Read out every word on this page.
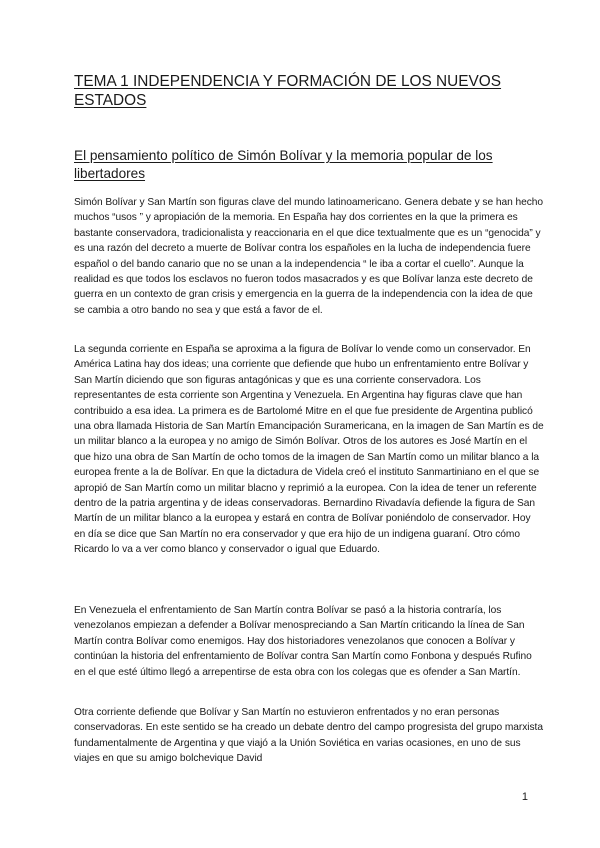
TEMA 1 INDEPENDENCIA Y FORMACIÓN DE LOS NUEVOS ESTADOS
El pensamiento político de Simón Bolívar y la memoria popular de los libertadores

Simón Bolívar y San Martín son figuras clave del mundo latinoamericano. Genera debate y se han hecho muchos “usos ” y apropiación de la memoria. En España hay dos corrientes en la que la primera es bastante conservadora, tradicionalista y reaccionaria en el que dice textualmente que es un “genocida” y es una razón del decreto a muerte de Bolívar contra los españoles en la lucha de independencia fuere español o del bando canario que no se unan a la independencia “ le iba a cortar el cuello”. Aunque la realidad es que todos los esclavos no fueron todos masacrados y es que Bolívar lanza este decreto de guerra en un contexto de gran crisis y emergencia en la guerra de la independencia con la idea de que se cambia a otro bando no sea y que está a favor de el.

La segunda corriente en España se aproxima a la figura de Bolívar lo vende como un conservador. En América Latina hay dos ideas; una corriente que defiende que hubo un enfrentamiento entre Bolívar y San Martín diciendo que son figuras antagónicas y que es una corriente conservadora. Los representantes de esta corriente son Argentina y Venezuela. En Argentina hay figuras clave que han contribuido a esa idea. La primera es de Bartolomé Mitre en el que fue presidente de Argentina publicó una obra llamada Historia de San Martín Emancipación Suramericana, en la imagen de San Martín es de un militar blanco a la europea y no amigo de Simón Bolívar. Otros de los autores es José Martín en el que hizo una obra de San Martín de ocho tomos de la imagen de San Martín como un militar blanco a la europea frente a la de Bolívar. En que la dictadura de Videla creó el instituto Sanmartiniano en el que se apropió de San Martín como un militar blacno y reprimió a la europea. Con la idea de tener un referente dentro de la patria argentina y de ideas conservadoras. Bernardino Rivadavía defiende la figura de San Martín de un militar blanco a la europea y estará en contra de Bolívar poniéndolo de conservador. Hoy en día se dice que San Martín no era conservador y que era hijo de un indigena guaraní. Otro cómo Ricardo lo va a ver como blanco y conservador o igual que Eduardo.

En Venezuela el enfrentamiento de San Martín contra Bolívar se pasó a la historia contraría, los venezolanos empiezan a defender a Bolívar menospreciando a San Martín criticando la línea de San Martín contra Bolívar como enemigos. Hay dos historiadores venezolanos que conocen a Bolívar y continúan la historia del enfrentamiento de Bolívar contra San Martín como Fonbona y después Rufino en el que esté último llegó a arrepentirse de esta obra con los colegas que es ofender a San Martín.

Otra corriente defiende que Bolívar y San Martín no estuvieron enfrentados y no eran personas conservadoras. En este sentido se ha creado un debate dentro del campo progresista del grupo marxista fundamentalmente de Argentina y que viajó a la Unión Soviética en varias ocasiones, en uno de sus viajes en que su amigo bolchevique David

1
